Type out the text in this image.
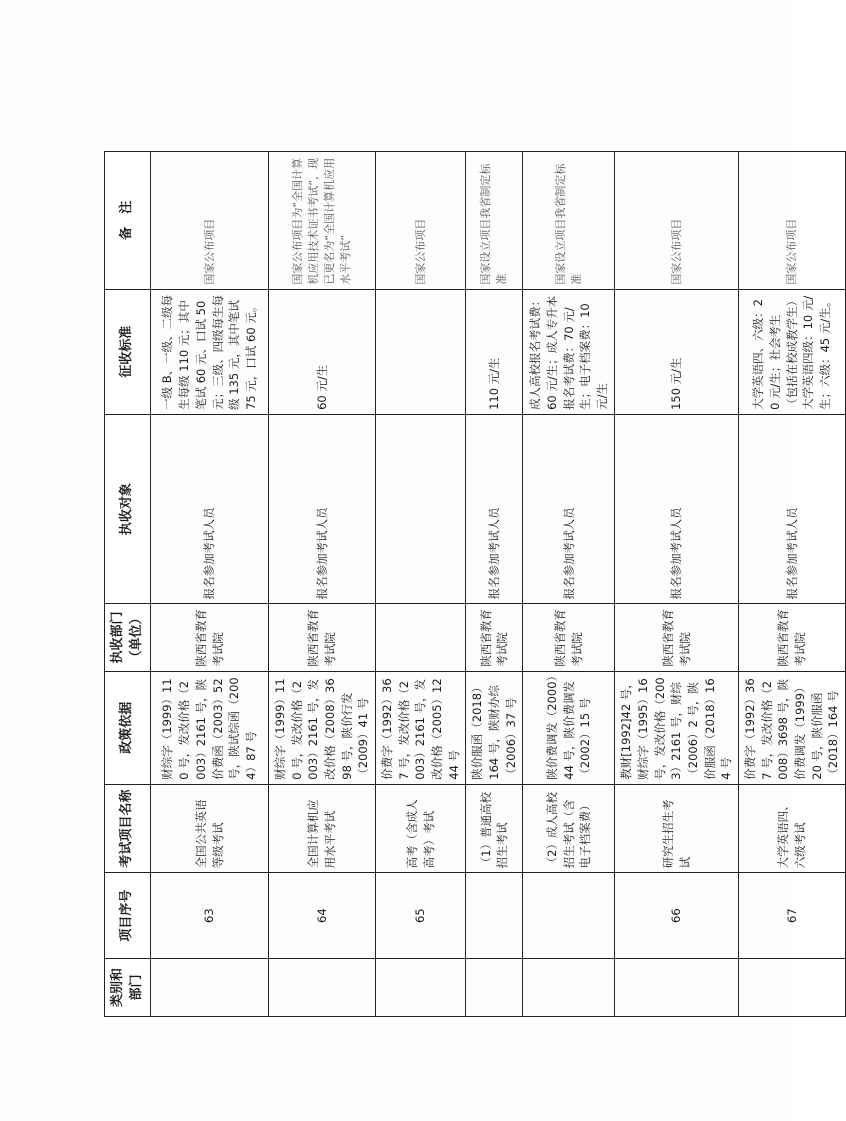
类别和部门	项目序号	考试项目名称	政策依据	执收部门（单位）	执收对象	征收标准	备　注
	63	全国公共英语等级考试	财综字（1999）110 号，发改价格（2003）2161 号，陕价费函（2003）52 号，陕试综函（2004）87 号	陕西省教育考试院	报名参加考试人员	一级 B、一级、二级每生每级 110 元；其中笔试 60 元、口试 50 元；三级、四级每生每级 135 元，其中笔试 75 元，口试 60 元。	国家公布项目
	64	全国计算机应用水平考试	财综字（1999）110 号，发改价格（2003）2161 号，发改价格（2008）3698 号，陕价行发（2009）41 号	陕西省教育考试院	报名参加考试人员	60 元/生	国家公布项目为“全国计算机应用技术证书考试”，现已更名为“全国计算机应用水平考试”
	65	高考（含成人高考）考试	价费字（1992）367 号，发改价格（2003）2161 号，发改价格（2005）1244 号				国家公布项目
		（1）普通高校招生考试	陕价服函（2018）164 号，陕财办综（2006）37 号	陕西省教育考试院	报名参加考试人员	110 元/生	国家设立项目我省制定标准
		（2）成人高校招生考试（含电子档案费）	陕价费调发（2000）44 号，陕价费调发（2002）15 号	陕西省教育考试院	报名参加考试人员	成人高校报名考试费：60 元/生；成人专升本报名考试费：70 元/生；电子档案费：10 元/生	国家设立项目我省制定标准
	66	研究生招生考试	教财[1992]42 号，财综字（1995）16 号，发改价格（2003）2161 号，财综（2006）2 号，陕价服函（2018）164 号	陕西省教育考试院	报名参加考试人员	150 元/生	国家公布项目
	67	大学英语四、六级考试	价费字（1992）367 号，发改价格（2008）3698 号，陕价费调发（1999）20 号，陕价服函（2018）164 号	陕西省教育考试院	报名参加考试人员	大学英语四、六级：20 元/生；社会考生（包括在校成教学生）大学英语四级：10 元/生；六级：45 元/生。	国家公布项目
